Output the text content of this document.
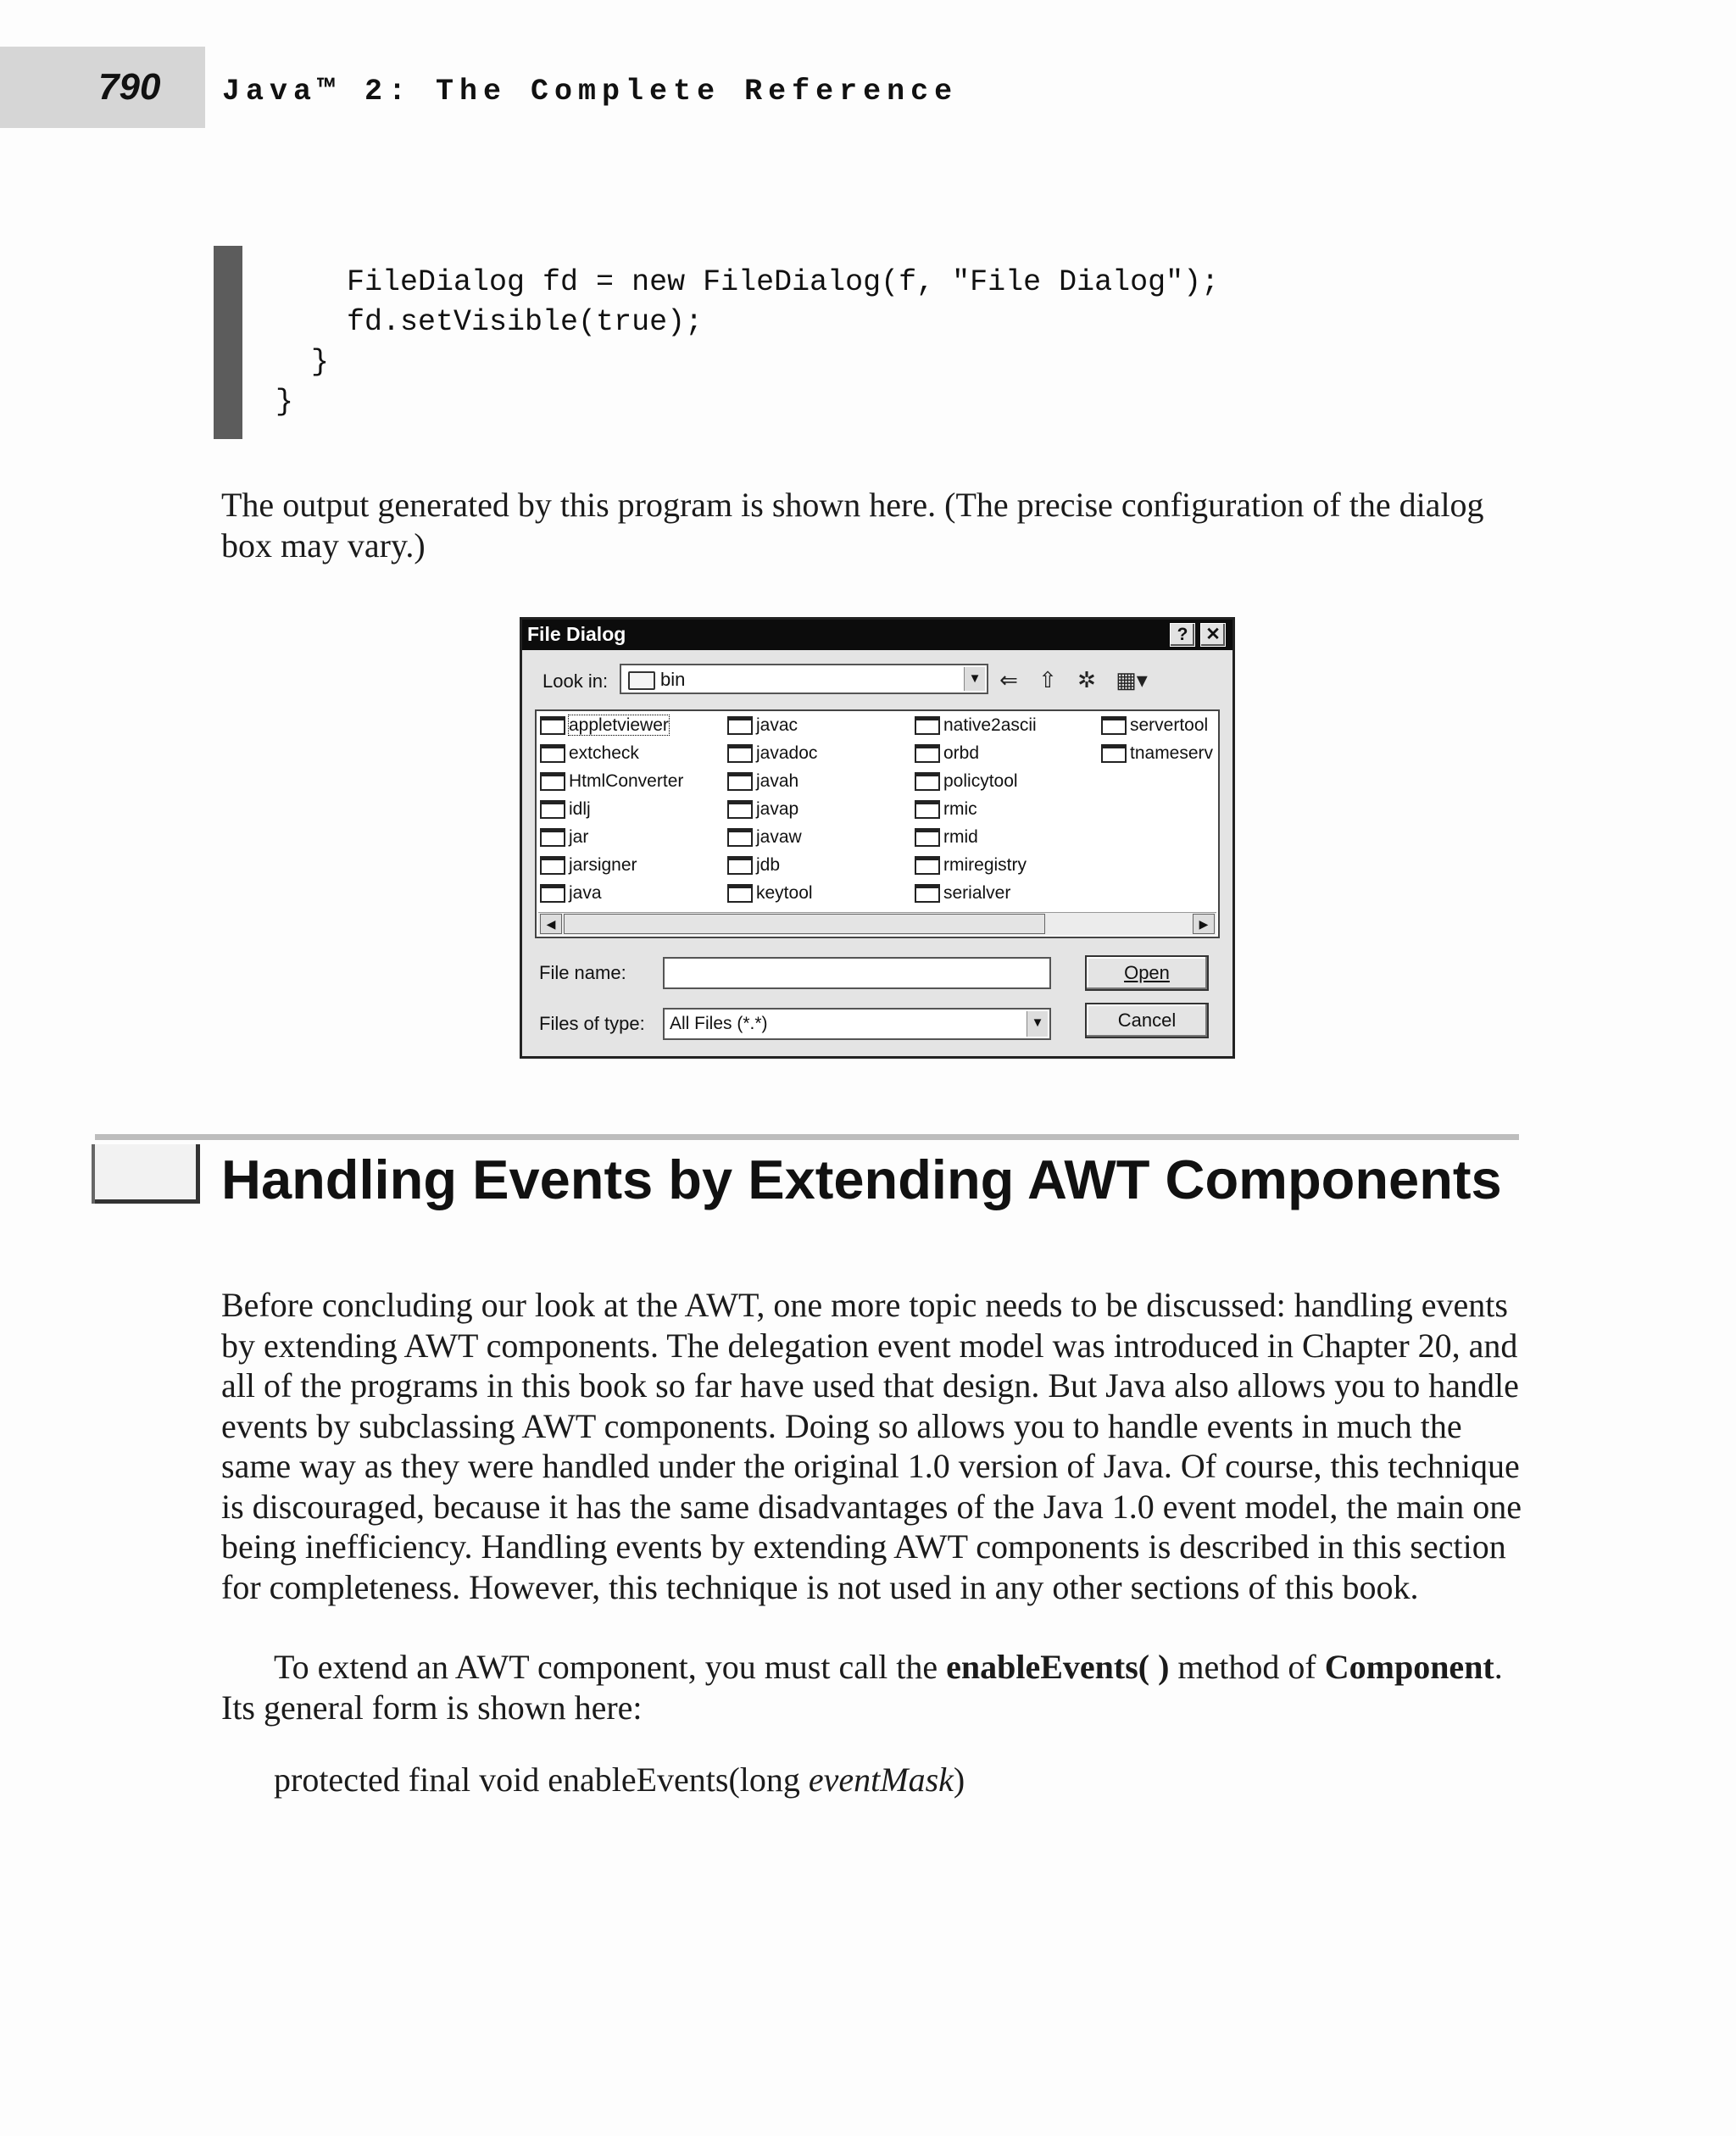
790 Java™ 2: The Complete Reference
FileDialog fd = new FileDialog(f, "File Dialog");
fd.setVisible(true);
}
}

The output generated by this program is shown here. (The precise configuration of the dialog box may vary.)

File Dialog	? ✕
Look in:	bin	▼ ⇐ ⇧ ✲ ▦▾
appletviewer
extcheck
HtmlConverter
idlj
jar
jarsigner
java
javac
javadoc
javah
javap
javaw
jdb
keytool
native2ascii
orbd
policytool
rmic
rmid
rmiregistry
serialver
servertool
tnameserv
◀	▶
File name:
Files of type: All Files (*.*)	▼
Open
Cancel
Handling Events by Extending AWT Components

Before concluding our look at the AWT, one more topic needs to be discussed: handling events by extending AWT components. The delegation event model was introduced in Chapter 20, and all of the programs in this book so far have used that design. But Java also allows you to handle events by subclassing AWT components. Doing so allows you to handle events in much the same way as they were handled under the original 1.0 version of Java. Of course, this technique is discouraged, because it has the same disadvantages of the Java 1.0 event model, the main one being inefficiency. Handling events by extending AWT components is described in this section for completeness. However, this technique is not used in any other sections of this book.

To extend an AWT component, you must call the enableEvents( ) method of Component. Its general form is shown here:

protected final void enableEvents(long eventMask)
